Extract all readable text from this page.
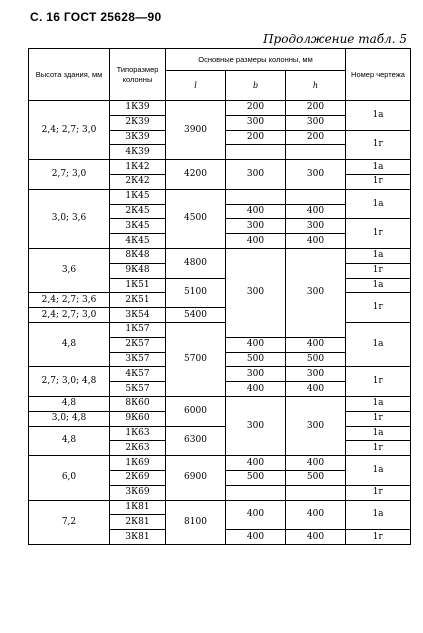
С. 16 ГОСТ 25628—90
Продолжение табл. 5
Высота здания, мм	Типоразмер колонны	Основные размеры колонны, мм			Номер чертежа
		l	b	h	
2,4; 2,7; 3,0	1К39	3900	200	200	1а
	2К39		300	300	
	3К39		200	200	1г
	4К39				
2,7; 3,0	1К42	4200	300	300	1а
	2К42				1г
3,0; 3,6	1К45	4500			1а
	2К45		400	400	
	3К45		300	300	1г
	4К45		400	400	
3,6	8К48	4800	300	300	1а
	9К48				1г
	1К51	5100			1а
2,4; 2,7; 3,6	2К51				1г
2,4; 2,7; 3,0	3К54	5400			
4,8	1К57	5700			1а
	2К57		400	400	
	3К57		500	500	
2,7; 3,0; 4,8	4К57		300	300	1г
	5К57		400	400	
4,8	8К60	6000	300	300	1а
3,0; 4,8	9К60				1г
4,8	1К63	6300			1а
	2К63				1г
6,0	1К69	6900	400	400	1а
	2К69		500	500	
	3К69				1г
7,2	1К81	8100	400	400	1а
	2К81				
	3К81		400	400	1г
